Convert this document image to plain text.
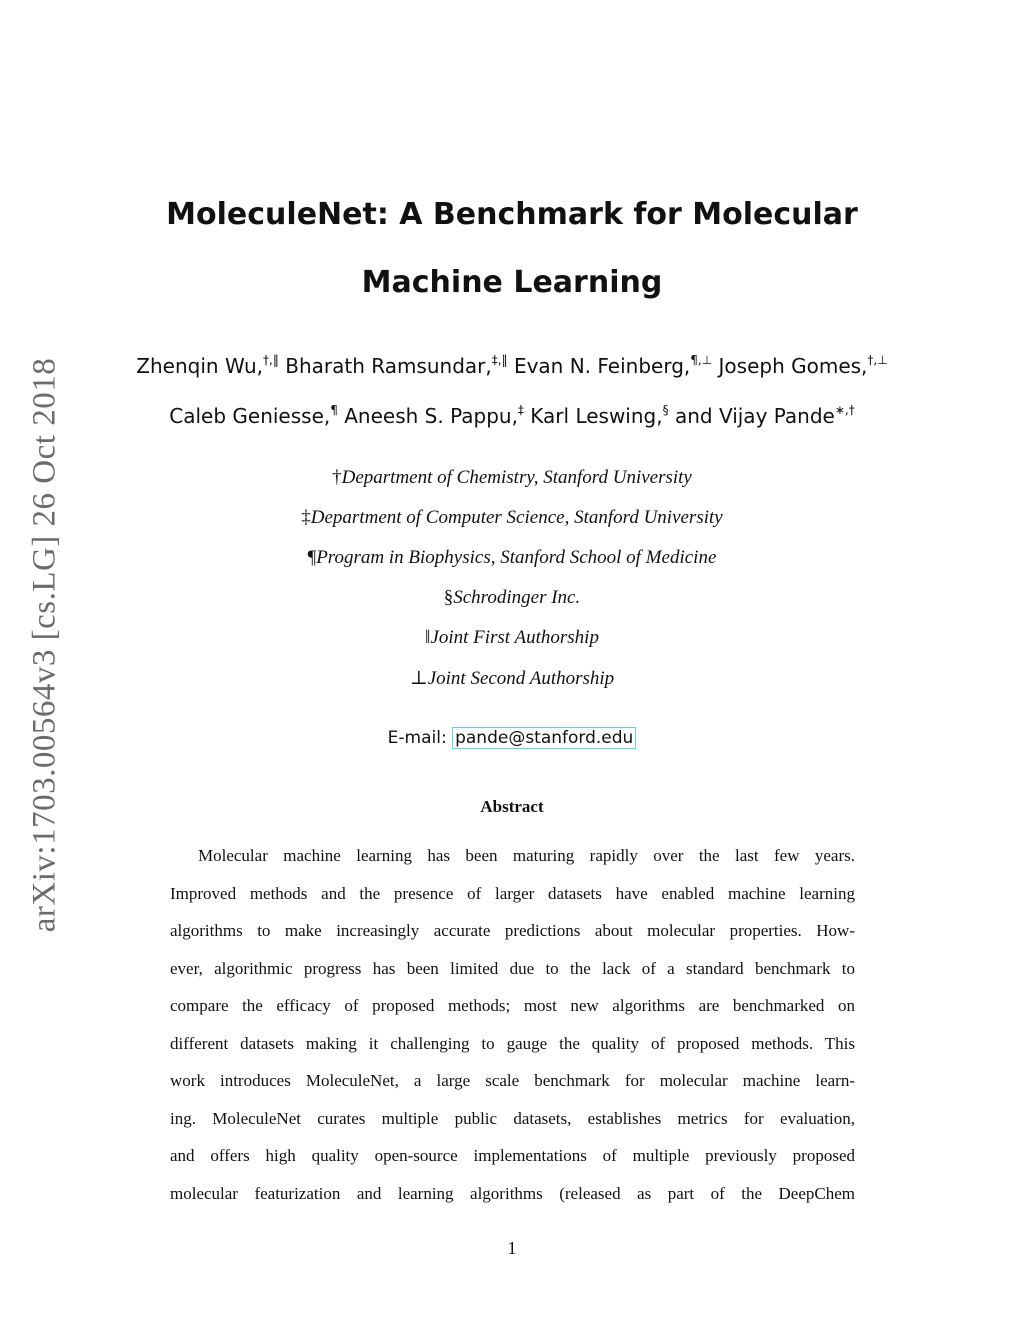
arXiv:1703.00564v3 [cs.LG] 26 Oct 2018
MoleculeNet: A Benchmark for Molecular
Machine Learning
Zhenqin Wu,†,‖ Bharath Ramsundar,‡,‖ Evan N. Feinberg,¶,⊥ Joseph Gomes,†,⊥
Caleb Geniesse,¶ Aneesh S. Pappu,‡ Karl Leswing,§ and Vijay Pande∗,†
†Department of Chemistry, Stanford University
‡Department of Computer Science, Stanford University
¶Program in Biophysics, Stanford School of Medicine
§Schrodinger Inc.
‖Joint First Authorship
⊥Joint Second Authorship
E-mail: pande@stanford.edu
Abstract
Molecular machine learning has been maturing rapidly over the last few years.
Improved methods and the presence of larger datasets have enabled machine learning
algorithms to make increasingly accurate predictions about molecular properties. How-
ever, algorithmic progress has been limited due to the lack of a standard benchmark to
compare the efficacy of proposed methods; most new algorithms are benchmarked on
different datasets making it challenging to gauge the quality of proposed methods. This
work introduces MoleculeNet, a large scale benchmark for molecular machine learn-
ing. MoleculeNet curates multiple public datasets, establishes metrics for evaluation,
and offers high quality open-source implementations of multiple previously proposed
molecular featurization and learning algorithms (released as part of the DeepChem
1
